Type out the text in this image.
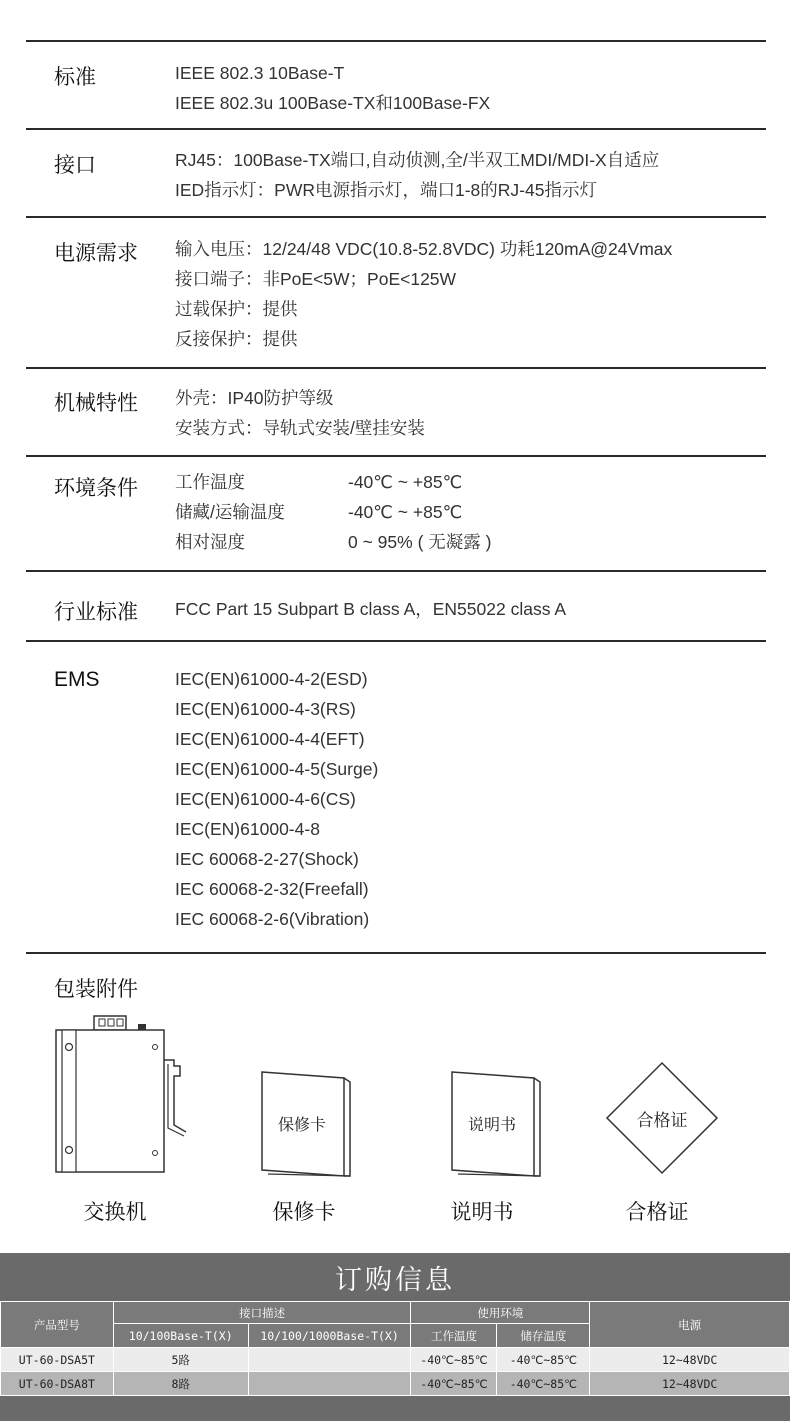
标准	IEEE 802.3 10Base-T
IEEE 802.3u 100Base-TX和100Base-FX
接口	RJ45：100Base-TX端口,自动侦测,全/半双工MDI/MDI-X自适应
IED指示灯：PWR电源指示灯，端口1-8的RJ-45指示灯
电源需求 输入电压：12/24/48 VDC(10.8-52.8VDC) 功耗120mA@24Vmax
接口端子：非PoE<5W；PoE<125W
过载保护：提供
反接保护：提供
机械特性 外壳：IP40防护等级
安装方式：导轨式安装/壁挂安装
环境条件 工作温度	-40℃ ~ +85℃
储藏/运输温度	-40℃ ~ +85℃
相对湿度	0 ~ 95% ( 无凝露 )
行业标准 FCC Part 15 Subpart B class A，EN55022 class A
EMS	IEC(EN)61000-4-2(ESD)
IEC(EN)61000-4-3(RS)
IEC(EN)61000-4-4(EFT)
IEC(EN)61000-4-5(Surge)
IEC(EN)61000-4-6(CS)
IEC(EN)61000-4-8
IEC 60068-2-27(Shock)
IEC 60068-2-32(Freefall)
IEC 60068-2-6(Vibration)
包装附件
保修卡	说明书	合格证
交换机	保修卡	说明书	合格证
订购信息
产品型号	接口描述		使用环境		电源
	10/100Base-T(X)	10/100/1000Base-T(X)	工作温度	储存温度	
UT-60-DSA5T	5路		-40℃~85℃	-40℃~85℃	12~48VDC
UT-60-DSA8T	8路		-40℃~85℃	-40℃~85℃	12~48VDC
